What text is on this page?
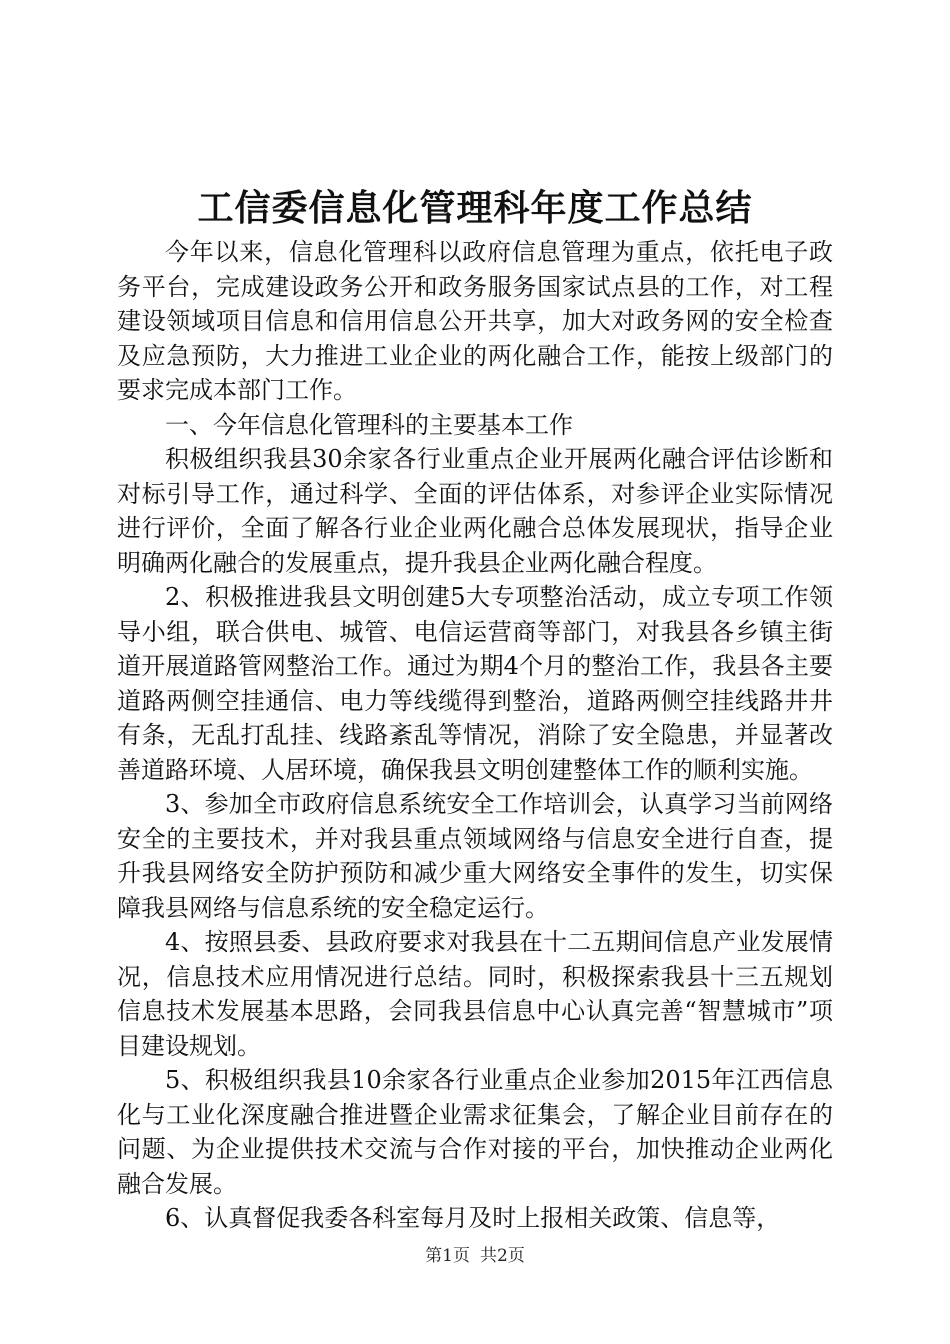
工信委信息化管理科年度工作总结

今年以来，信息化管理科以政府信息管理为重点，依托电子政务平台，完成建设政务公开和政务服务国家试点县的工作，对工程建设领域项目信息和信用信息公开共享，加大对政务网的安全检查及应急预防，大力推进工业企业的两化融合工作，能按上级部门的要求完成本部门工作。

一、今年信息化管理科的主要基本工作

积极组织我县30余家各行业重点企业开展两化融合评估诊断和对标引导工作，通过科学、全面的评估体系，对参评企业实际情况进行评价，全面了解各行业企业两化融合总体发展现状，指导企业明确两化融合的发展重点，提升我县企业两化融合程度。

2、积极推进我县文明创建5大专项整治活动，成立专项工作领导小组，联合供电、城管、电信运营商等部门，对我县各乡镇主街道开展道路管网整治工作。通过为期4个月的整治工作，我县各主要道路两侧空挂通信、电力等线缆得到整治，道路两侧空挂线路井井有条，无乱打乱挂、线路紊乱等情况，消除了安全隐患，并显著改善道路环境、人居环境，确保我县文明创建整体工作的顺利实施。

3、参加全市政府信息系统安全工作培训会，认真学习当前网络安全的主要技术，并对我县重点领域网络与信息安全进行自查，提升我县网络安全防护预防和减少重大网络安全事件的发生，切实保障我县网络与信息系统的安全稳定运行。

4、按照县委、县政府要求对我县在十二五期间信息产业发展情况，信息技术应用情况进行总结。同时，积极探索我县十三五规划信息技术发展基本思路，会同我县信息中心认真完善“智慧城市”项目建设规划。

5、积极组织我县10余家各行业重点企业参加2015年江西信息化与工业化深度融合推进暨企业需求征集会，了解企业目前存在的问题、为企业提供技术交流与合作对接的平台，加快推动企业两化融合发展。

6、认真督促我委各科室每月及时上报相关政策、信息等，

第1页 共2页
